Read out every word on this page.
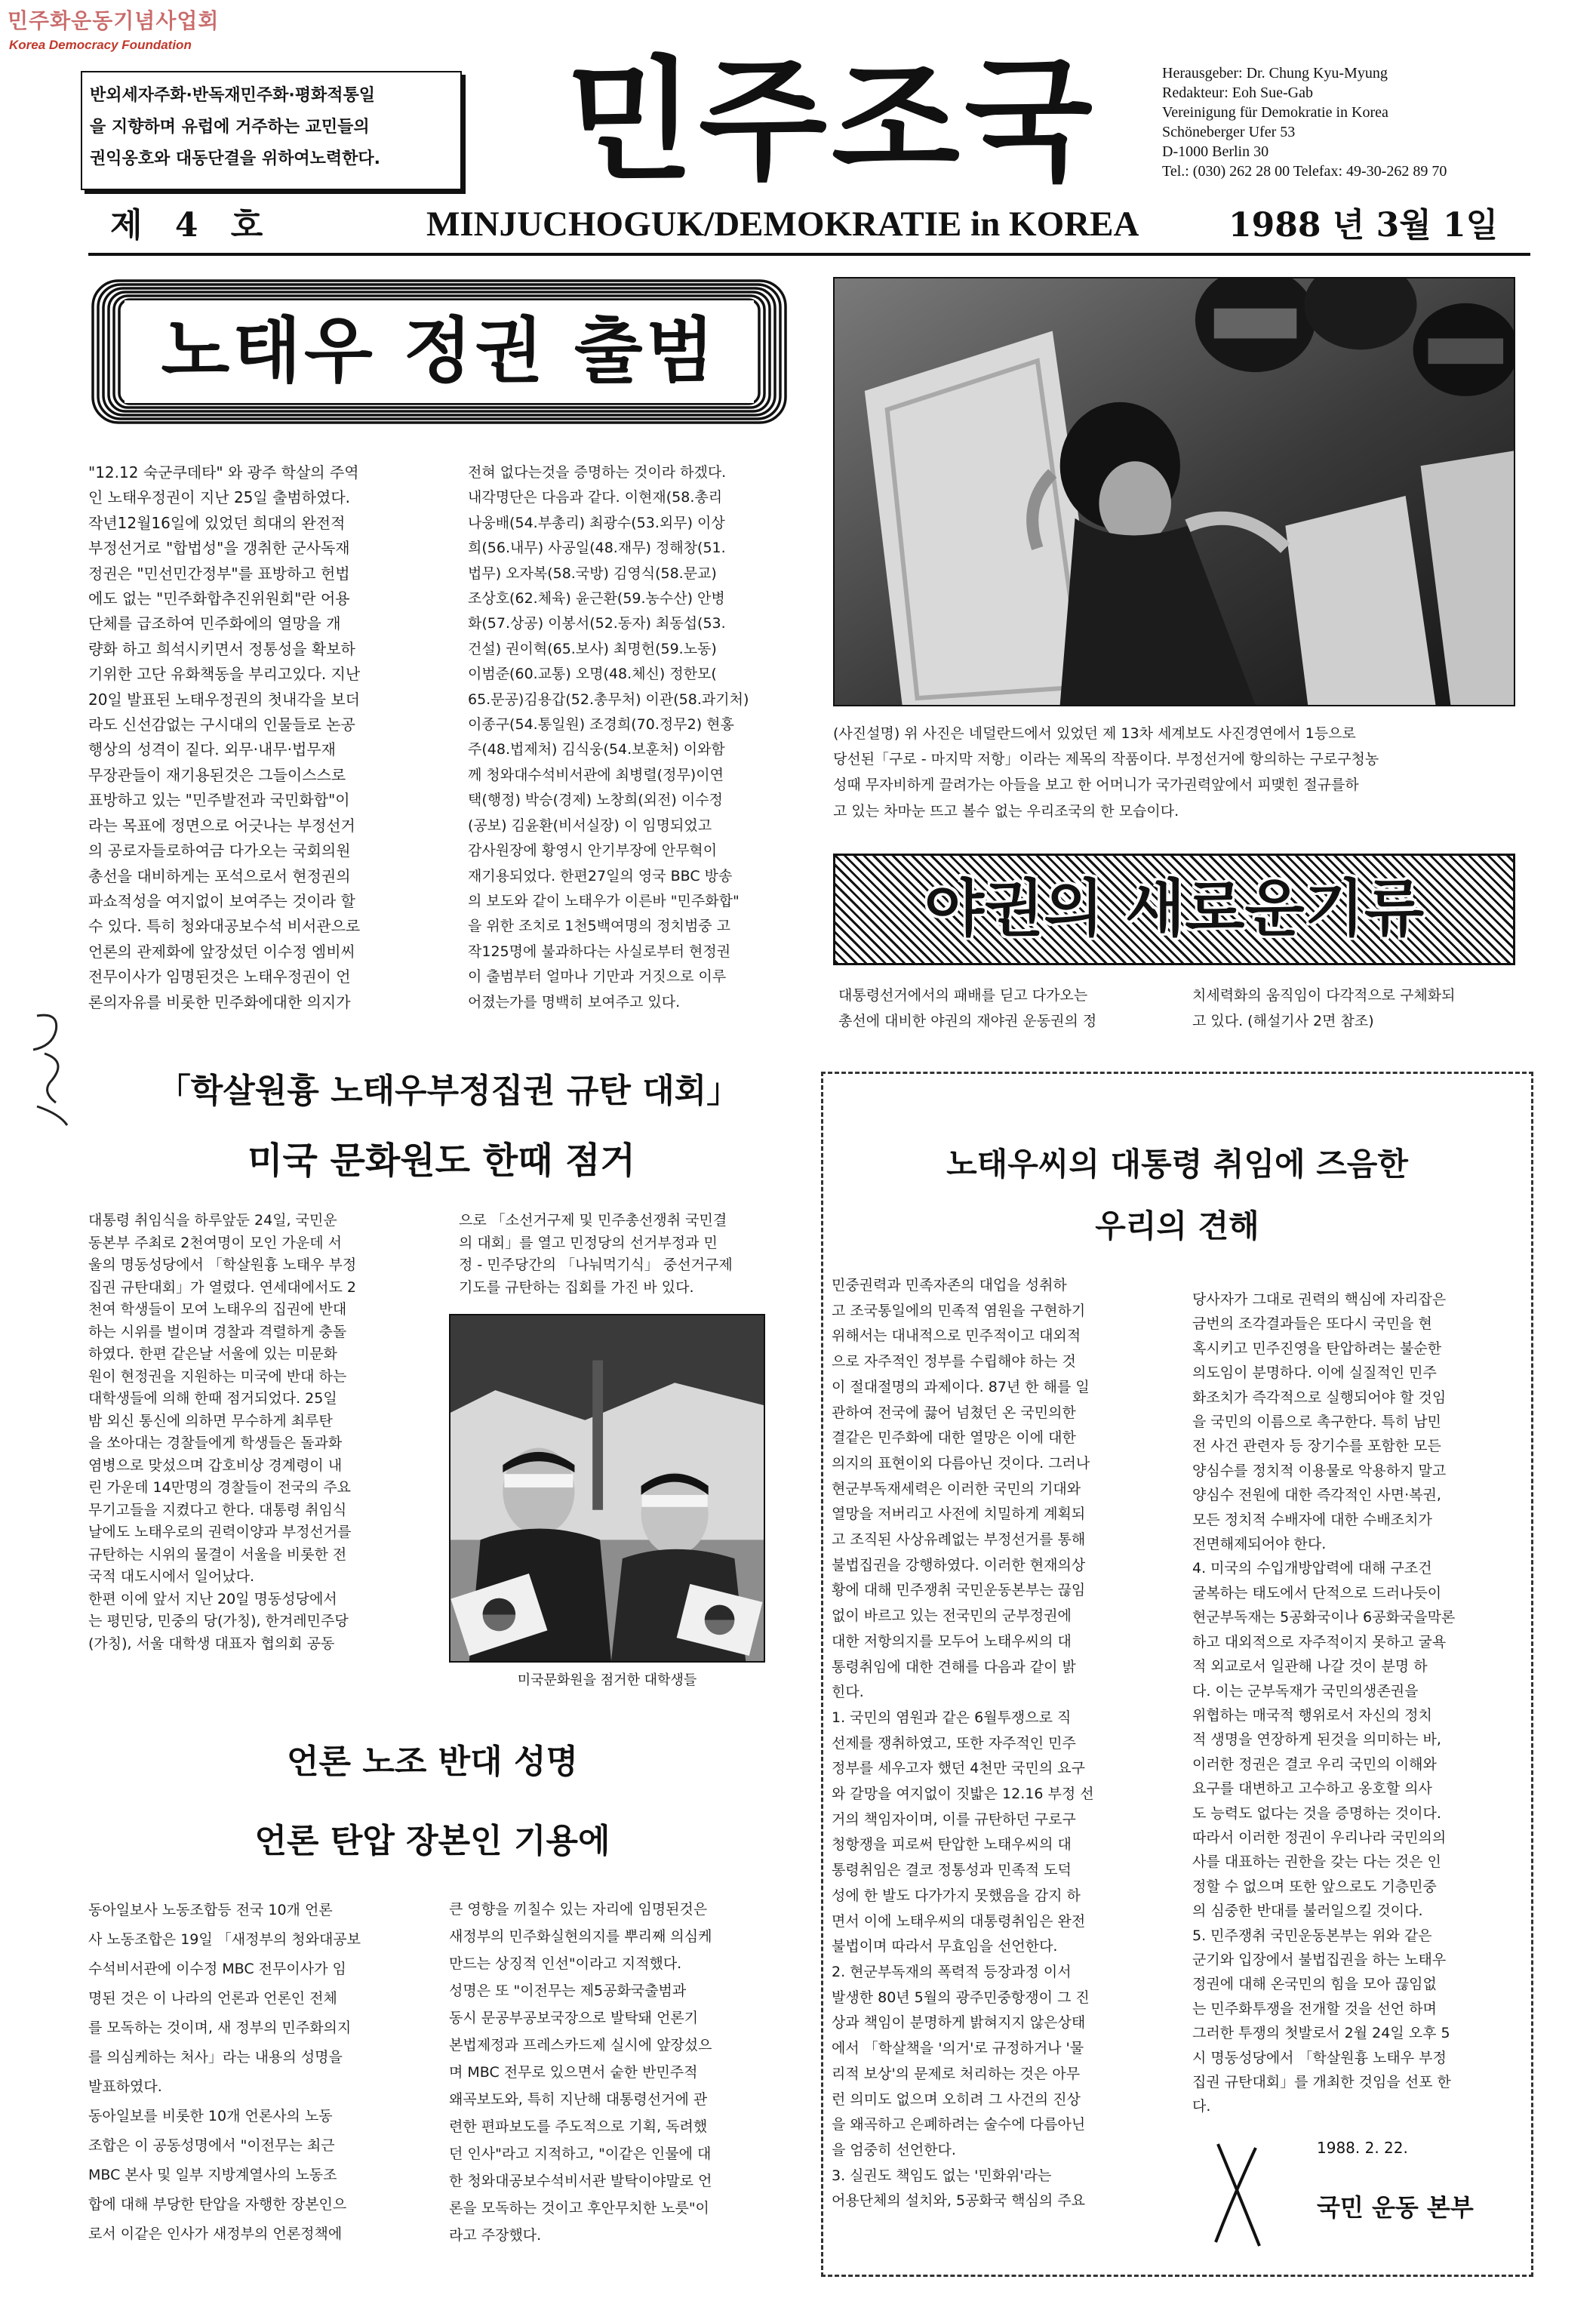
민주화운동기념사업회
Korea Democracy Foundation
반외세자주화·반독재민주화·평화적통일
을 지향하며 유럽에 거주하는 교민들의
권익옹호와 대동단결을 위하여노력한다.	민주조국	Herausgeber: Dr. Chung Kyu-Myung
Redakteur: Eoh Sue-Gab
Vereinigung für Demokratie in Korea
Schöneberger Ufer 53
D-1000 Berlin 30
Tel.: (030) 262 28 00 Telefax: 49-30-262 89 70
제 4 호	MINJUCHOGUK/DEMOKRATIE in KOREA	1988 년 3월 1일
노태우 정권 출범
"12.12 숙군쿠데타" 와 광주 학살의 주역
인 노태우정권이 지난 25일 출범하였다.
작년12월16일에 있었던 희대의 완전적
부정선거로 "합법성"을 갱취한 군사독재
정권은 "민선민간정부"를 표방하고 헌법
에도 없는 "민주화합추진위원회"란 어용
단체를 급조하여 민주화에의 열망을 개
량화 하고 희석시키면서 정통성을 확보하
기위한 고단 유화책동을 부리고있다. 지난
20일 발표된 노태우정권의 첫내각을 보더
라도 신선감없는 구시대의 인물들로 논공
행상의 성격이 짙다. 외무·내무·법무재
무장관들이 재기용된것은 그들이스스로
표방하고 있는 "민주발전과 국민화합"이
라는 목표에 정면으로 어긋나는 부정선거
의 공로자들로하여금 다가오는 국회의원
총선을 대비하게는 포석으로서 현정권의
파쇼적성을 여지없이 보여주는 것이라 할
수 있다. 특히 청와대공보수석 비서관으로
언론의 관제화에 앞장섰던 이수정 엠비씨
전무이사가 임명된것은 노태우정권이 언
론의자유를 비롯한 민주화에대한 의지가
전혀 없다는것을 증명하는 것이라 하겠다.
내각명단은 다음과 같다. 이현재(58.총리
나웅배(54.부총리) 최광수(53.외무) 이상
희(56.내무) 사공일(48.재무) 정해창(51.
법무) 오자복(58.국방) 김영식(58.문교)
조상호(62.체육) 윤근환(59.농수산) 안병
화(57.상공) 이봉서(52.동자) 최동섭(53.
건설) 권이혁(65.보사) 최명헌(59.노동)
이범준(60.교통) 오명(48.체신) 정한모(
65.문공)김용갑(52.총무처) 이관(58.과기처)
이종구(54.통일원) 조경희(70.정무2) 현홍
주(48.법제처) 김식웅(54.보훈처) 이와함
께 청와대수석비서관에 최병렬(정무)이연
택(행정) 박승(경제) 노창희(외전) 이수정
(공보) 김윤환(비서실장) 이 임명되었고
감사원장에 황영시 안기부장에 안무혁이
재기용되었다. 한편27일의 영국 BBC 방송
의 보도와 같이 노태우가 이른바 "민주화합"
을 위한 조치로 1천5백여명의 정치범중 고
작125명에 불과하다는 사실로부터 현정권
이 출범부터 얼마나 기만과 거짓으로 이루
어졌는가를 명백히 보여주고 있다.
(사진설명) 위 사진은 네덜란드에서 있었던 제 13차 세계보도 사진경연에서 1등으로
당선된「구로 - 마지막 저항」이라는 제목의 작품이다. 부정선거에 항의하는 구로구청농
성때 무자비하게 끌려가는 아들을 보고 한 어머니가 국가권력앞에서 피맺힌 절규를하
고 있는 차마눈 뜨고 볼수 없는 우리조국의 한 모습이다.
야권의 새로운기류
대통령선거에서의 패배를 딛고 다가오는
총선에 대비한 야권의 재야권 운동권의 정
치세력화의 움직임이 다각적으로 구체화되
고 있다. (해설기사 2면 참조)
「학살원흉 노태우부정집권 규탄 대회」
미국 문화원도 한때 점거
대통령 취임식을 하루앞둔 24일, 국민운
동본부 주최로 2천여명이 모인 가운데 서
울의 명동성당에서 「학살원흉 노태우 부정
집권 규탄대회」가 열렸다. 연세대에서도 2
천여 학생들이 모여 노태우의 집권에 반대
하는 시위를 벌이며 경찰과 격렬하게 충돌
하였다. 한편 같은날 서울에 있는 미문화
원이 현정권을 지원하는 미국에 반대 하는
대학생들에 의해 한때 점거되었다. 25일
밤 외신 통신에 의하면 무수하게 최루탄
을 쏘아대는 경찰들에게 학생들은 돌과화
염병으로 맞섰으며 갑호비상 경계령이 내
린 가운데 14만명의 경찰들이 전국의 주요
무기고들을 지켰다고 한다. 대통령 취임식
날에도 노태우로의 권력이양과 부정선거를
규탄하는 시위의 물결이 서울을 비롯한 전
국적 대도시에서 일어났다.
한편 이에 앞서 지난 20일 명동성당에서
는 평민당, 민중의 당(가칭), 한겨레민주당
(가칭), 서울 대학생 대표자 협의회 공동
으로 「소선거구제 및 민주총선쟁취 국민결
의 대회」를 열고 민정당의 선거부정과 민
정 - 민주당간의 「나눠먹기식」 중선거구제
기도를 규탄하는 집회를 가진 바 있다.
미국문화원을 점거한 대학생들
언론 노조 반대 성명
언론 탄압 장본인 기용에
동아일보사 노동조합등 전국 10개 언론
사 노동조합은 19일 「새정부의 청와대공보
수석비서관에 이수정 MBC 전무이사가 임
명된 것은 이 나라의 언론과 언론인 전체
를 모독하는 것이며, 새 정부의 민주화의지
를 의심케하는 처사」라는 내용의 성명을
발표하였다.
동아일보를 비롯한 10개 언론사의 노동
조합은 이 공동성명에서 "이전무는 최근
MBC 본사 및 일부 지방계열사의 노동조
합에 대해 부당한 탄압을 자행한 장본인으
로서 이같은 인사가 새정부의 언론정책에
큰 영향을 끼칠수 있는 자리에 임명된것은
새정부의 민주화실현의지를 뿌리째 의심케
만드는 상징적 인선"이라고 지적했다.
성명은 또 "이전무는 제5공화국출범과
동시 문공부공보국장으로 발탁돼 언론기
본법제정과 프레스카드제 실시에 앞장섰으
며 MBC 전무로 있으면서 숱한 반민주적
왜곡보도와, 특히 지난해 대통령선거에 관
련한 편파보도를 주도적으로 기획, 독려했
던 인사"라고 지적하고, "이같은 인물에 대
한 청와대공보수석비서관 발탁이야말로 언
론을 모독하는 것이고 후안무치한 노릇"이
라고 주장했다.
노태우씨의 대통령 취임에 즈음한
우리의 견해
민중권력과 민족자존의 대업을 성취하
고 조국통일에의 민족적 염원을 구현하기
위해서는 대내적으로 민주적이고 대외적
으로 자주적인 정부를 수립해야 하는 것
이 절대절명의 과제이다. 87년 한 해를 일
관하여 전국에 끓어 넘쳤던 온 국민의한
결같은 민주화에 대한 열망은 이에 대한
의지의 표현이외 다름아닌 것이다. 그러나
현군부독재세력은 이러한 국민의 기대와
열망을 저버리고 사전에 치밀하게 계획되
고 조직된 사상유례없는 부정선거를 통해
불법집권을 강행하였다. 이러한 현재의상
황에 대해 민주쟁취 국민운동본부는 끊임
없이 바르고 있는 전국민의 군부정권에
대한 저항의지를 모두어 노태우씨의 대
통령취임에 대한 견해를 다음과 같이 밝
힌다.
1. 국민의 염원과 같은 6월투쟁으로 직
선제를 쟁취하였고, 또한 자주적인 민주
정부를 세우고자 했던 4천만 국민의 요구
와 갈망을 여지없이 짓밟은 12.16 부정 선
거의 책임자이며, 이를 규탄하던 구로구
청항쟁을 피로써 탄압한 노태우씨의 대
통령취임은 결코 정통성과 민족적 도덕
성에 한 발도 다가가지 못했음을 감지 하
면서 이에 노태우씨의 대통령취임은 완전
불법이며 따라서 무효임을 선언한다.
2. 현군부독재의 폭력적 등장과정 이서
발생한 80년 5월의 광주민중항쟁이 그 진
상과 책임이 분명하게 밝혀지지 않은상태
에서 「학살책을 '의거'로 규정하거나 '물
리적 보상'의 문제로 처리하는 것은 아무
런 의미도 없으며 오히려 그 사건의 진상
을 왜곡하고 은폐하려는 술수에 다름아닌
을 엄중히 선언한다.
3. 실권도 책임도 없는 '민화위'라는
어용단체의 설치와, 5공화국 핵심의 주요
당사자가 그대로 권력의 핵심에 자리잡은
금번의 조각결과들은 또다시 국민을 현
혹시키고 민주진영을 탄압하려는 불순한
의도임이 분명하다. 이에 실질적인 민주
화조치가 즉각적으로 실행되어야 할 것임
을 국민의 이름으로 촉구한다. 특히 남민
전 사건 관련자 등 장기수를 포함한 모든
양심수를 정치적 이용물로 악용하지 말고
양심수 전원에 대한 즉각적인 사면·복권,
모든 정치적 수배자에 대한 수배조치가
전면해제되어야 한다.
4. 미국의 수입개방압력에 대해 구조건
굴복하는 태도에서 단적으로 드러나듯이
현군부독재는 5공화국이나 6공화국을막론
하고 대외적으로 자주적이지 못하고 굴욕
적 외교로서 일관해 나갈 것이 분명 하
다. 이는 군부독재가 국민의생존권을
위협하는 매국적 행위로서 자신의 정치
적 생명을 연장하게 된것을 의미하는 바,
이러한 정권은 결코 우리 국민의 이해와
요구를 대변하고 고수하고 옹호할 의사
도 능력도 없다는 것을 증명하는 것이다.
따라서 이러한 정권이 우리나라 국민의의
사를 대표하는 권한을 갖는 다는 것은 인
정할 수 없으며 또한 앞으로도 기층민중
의 심중한 반대를 불러일으킬 것이다.
5. 민주쟁취 국민운동본부는 위와 같은
군기와 입장에서 불법집권을 하는 노태우
정권에 대해 온국민의 힘을 모아 끊임없
는 민주화투쟁을 전개할 것을 선언 하며
그러한 투쟁의 첫발로서 2월 24일 오후 5
시 명동성당에서 「학살원흉 노태우 부정
집권 규탄대회」를 개최한 것임을 선포 한
다.
1988. 2. 22.
국민 운동 본부
